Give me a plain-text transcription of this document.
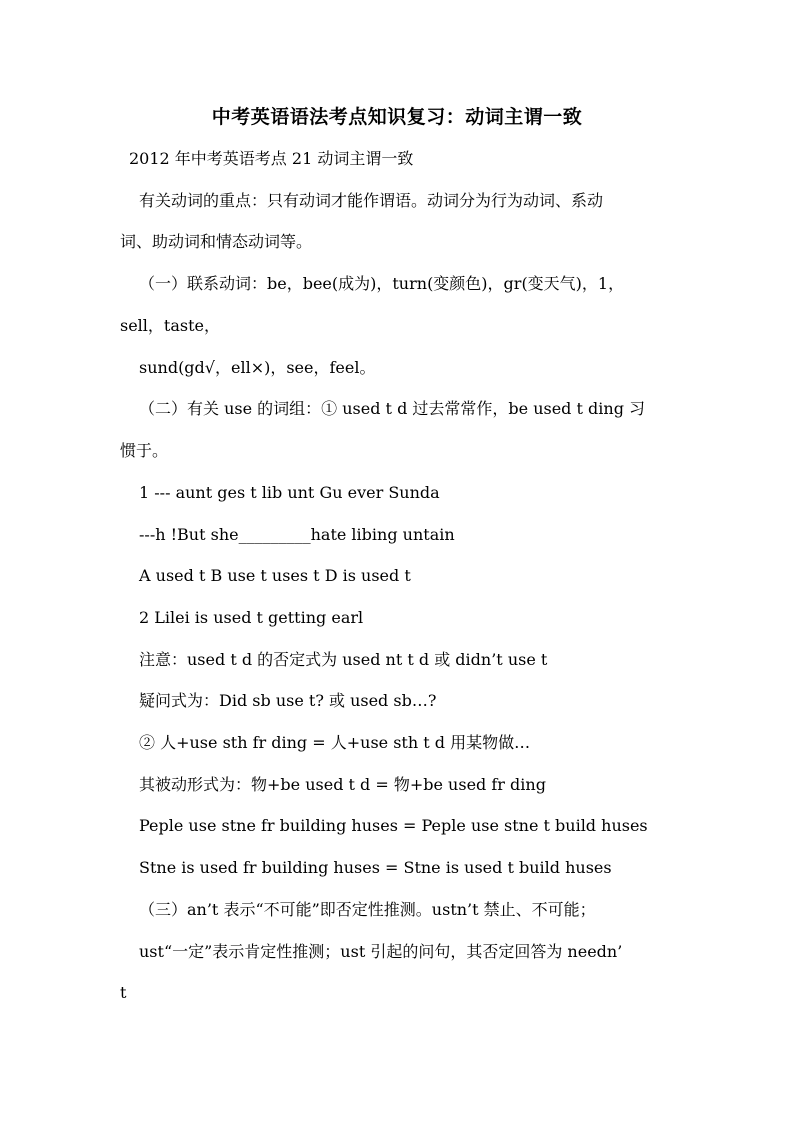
中考英语语法考点知识复习：动词主谓一致
2012 年中考英语考点 21 动词主谓一致
有关动词的重点：只有动词才能作谓语。动词分为行为动词、系动
词、助动词和情态动词等。
（一）联系动词：be，bee(成为)，turn(变颜色)，gr(变天气)，1，
sell，taste，
sund(gd√，ell×)，see，feel。
（二）有关 use 的词组：① used t d 过去常常作，be used t ding 习
惯于。
1 --- aunt ges t lib unt Gu ever Sunda
---h !But she_________hate libing untain
A used t B use t uses t D is used t
2 Lilei is used t getting earl
注意：used t d 的否定式为 used nt t d 或 didn’t use t
疑问式为：Did sb use t? 或 used sb…?
② 人+use sth fr ding = 人+use sth t d 用某物做…
其被动形式为：物+be used t d = 物+be used fr ding
Peple use stne fr building huses = Peple use stne t build huses
Stne is used fr building huses = Stne is used t build huses
（三）an’t 表示“不可能”即否定性推测。ustn’t 禁止、不可能；
ust“一定”表示肯定性推测；ust 引起的问句，其否定回答为 needn’
t
